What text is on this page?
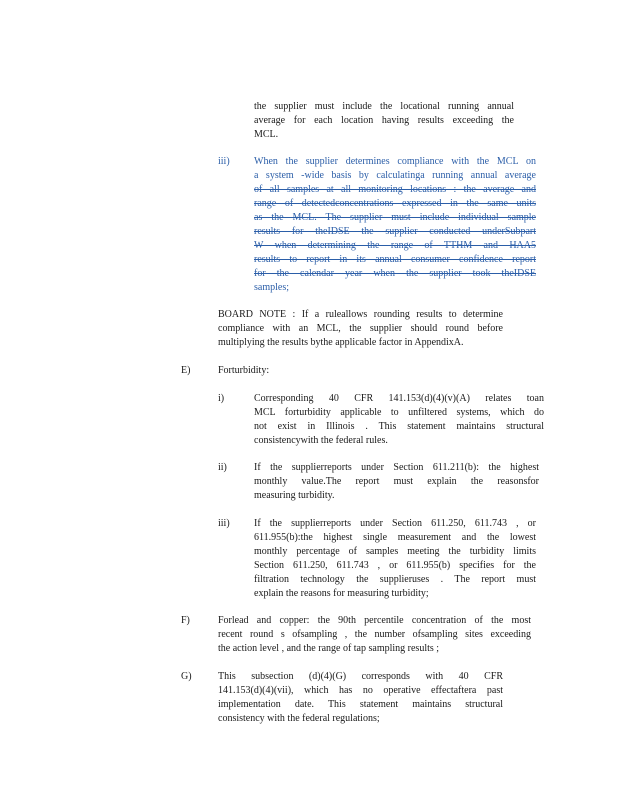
the supplier must include the locational running annual
average for each location having results exceeding the
MCL.
iii) When the supplier determines compliance with the MCL on
a system -wide basis by calculatinga running annual average
of all samples at all monitoring locations : the average and
range of detectedconcentrations expressed in the same units
as the MCL. The supplier must include individual sample
results for theIDSE the supplier conducted underSubpart
W when determining the range of TTHM and HAA5
results to report in its annual consumer confidence report
for the calendar year when the supplier took theIDSE
samples;
BOARD NOTE : If a ruleallows rounding results to determine
compliance with an MCL, the supplier should round before
multiplying the results bythe applicable factor in AppendixA.
E)	Forturbidity:
i)	Corresponding 40 CFR 141.153(d)(4)(v)(A) relates toan
MCL forturbidity applicable to unfiltered systems, which do
not exist in Illinois . This statement maintains structural
consistencywith the federal rules.
ii)	If the supplierreports under Section 611.211(b): the highest
monthly value.The report must explain the reasonsfor
measuring turbidity.
iii) If the supplierreports under Section 611.250, 611.743 , or
611.955(b):the highest single measurement and the lowest
monthly percentage of samples meeting the turbidity limits
Section 611.250, 611.743 , or 611.955(b) specifies for the
filtration technology the supplieruses . The report must
explain the reasons for measuring turbidity;
F)	Forlead and copper: the 90th percentile concentration of the most
recent round s ofsampling , the number ofsampling sites exceeding
the action level , and the range of tap sampling results ;
G)	This subsection (d)(4)(G) corresponds with 40 CFR
141.153(d)(4)(vii), which has no operative effectaftera past
implementation date. This statement maintains structural
consistency with the federal regulations;
